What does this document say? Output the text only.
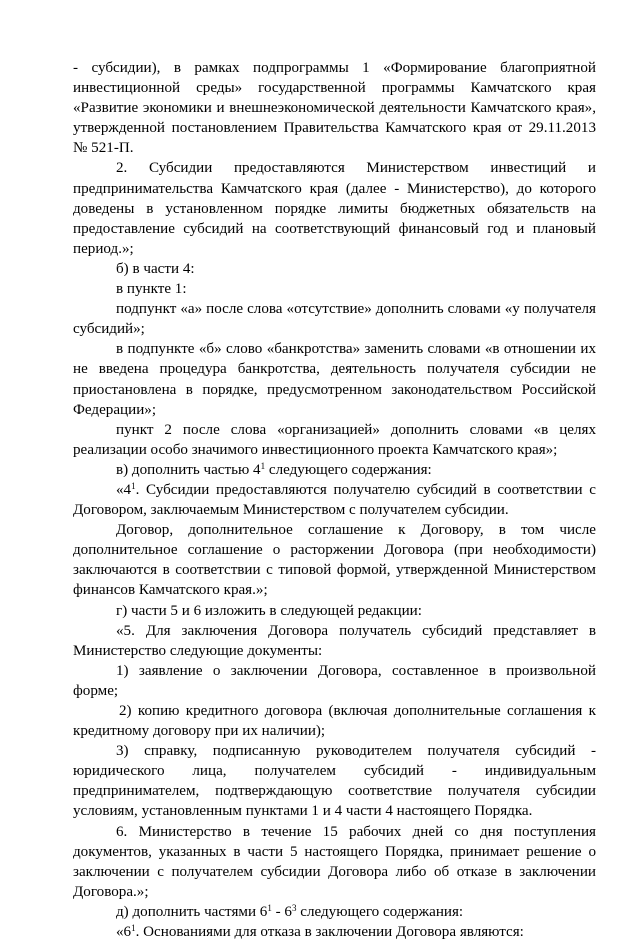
- субсидии), в рамках подпрограммы 1 «Формирование благоприятной инвестиционной среды» государственной программы Камчатского края «Развитие экономики и внешнеэкономической деятельности Камчатского края», утвержденной постановлением Правительства Камчатского края от 29.11.2013 № 521-П.

2. Субсидии предоставляются Министерством инвестиций и предпринимательства Камчатского края (далее - Министерство), до которого доведены в установленном порядке лимиты бюджетных обязательств на предоставление субсидий на соответствующий финансовый год и плановый период.»;

б) в части 4:

в пункте 1:

подпункт «а» после слова «отсутствие» дополнить словами «у получателя субсидий»;

в подпункте «б» слово «банкротства» заменить словами «в отношении их не введена процедура банкротства, деятельность получателя субсидии не приостановлена в порядке, предусмотренном законодательством Российской Федерации»;

пункт 2 после слова «организацией» дополнить словами «в целях реализации особо значимого инвестиционного проекта Камчатского края»;

в) дополнить частью $4^1$ следующего содержания:

«$4^1$. Субсидии предоставляются получателю субсидий в соответствии с Договором, заключаемым Министерством с получателем субсидии.

Договор, дополнительное соглашение к Договору, в том числе дополнительное соглашение о расторжении Договора (при необходимости) заключаются в соответствии с типовой формой, утвержденной Министерством финансов Камчатского края.»;

г) части 5 и 6 изложить в следующей редакции:

«5. Для заключения Договора получатель субсидий представляет в Министерство следующие документы:

1) заявление о заключении Договора, составленное в произвольной форме;

2) копию кредитного договора (включая дополнительные соглашения к кредитному договору при их наличии);

3) справку, подписанную руководителем получателя субсидий - юридического лица, получателем субсидий - индивидуальным предпринимателем, подтверждающую соответствие получателя субсидии условиям, установленным пунктами 1 и 4 части 4 настоящего Порядка.

6. Министерство в течение 15 рабочих дней со дня поступления документов, указанных в части 5 настоящего Порядка, принимает решение о заключении с получателем субсидии Договора либо об отказе в заключении Договора.»;

д) дополнить частями $6^1 - 6^3$ следующего содержания:

«$6^1$. Основаниями для отказа в заключении Договора являются:
